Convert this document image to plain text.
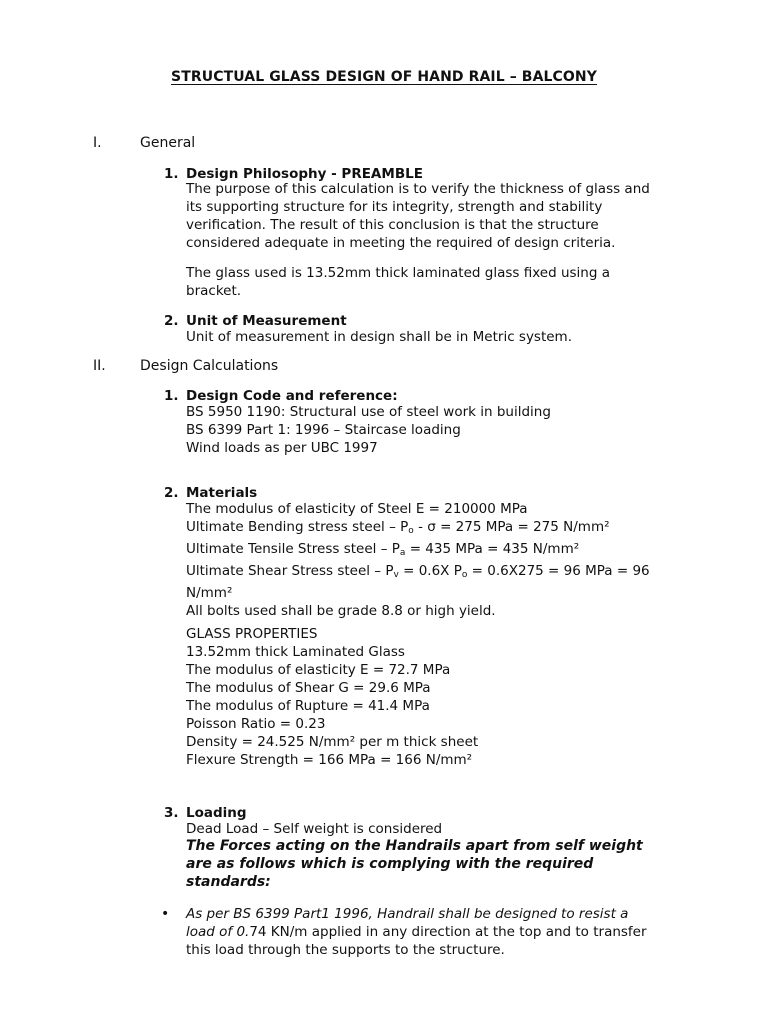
STRUCTUAL GLASS DESIGN OF HAND RAIL – BALCONY
I.	General
1. Design Philosophy - PREAMBLE
The purpose of this calculation is to verify the thickness of glass and
its supporting structure for its integrity, strength and stability
verification. The result of this conclusion is that the structure
considered adequate in meeting the required of design criteria.
The glass used is 13.52mm thick laminated glass fixed using a
bracket.
2. Unit of Measurement
Unit of measurement in design shall be in Metric system.
II. Design Calculations
1. Design Code and reference:
BS 5950 1190: Structural use of steel work in building
BS 6399 Part 1: 1996 – Staircase loading
Wind loads as per UBC 1997
2. Materials
The modulus of elasticity of Steel E = 210000 MPa
Ultimate Bending stress steel – $P_o - \sigma = 275$ MPa = 275 N/mm²
Ultimate Tensile Stress steel – $P_a = 435$ MPa = 435 N/mm²
Ultimate Shear Stress steel – $P_v = 0.6X$ $P_o = 0.6X275 = 96$ MPa = 96
N/mm²
All bolts used shall be grade 8.8 or high yield.
GLASS PROPERTIES
13.52mm thick Laminated Glass
The modulus of elasticity E = 72.7 MPa
The modulus of Shear G = 29.6 MPa
The modulus of Rupture = 41.4 MPa
Poisson Ratio = 0.23
Density = 24.525 N/mm² per m thick sheet
Flexure Strength = 166 MPa = 166 N/mm²
3. Loading
Dead Load – Self weight is considered
The Forces acting on the Handrails apart from self weight
are as follows which is complying with the required
standards:
• As per BS 6399 Part1 1996, Handrail shall be designed to resist a
load of 0.74 KN/m applied in any direction at the top and to transfer
this load through the supports to the structure.
